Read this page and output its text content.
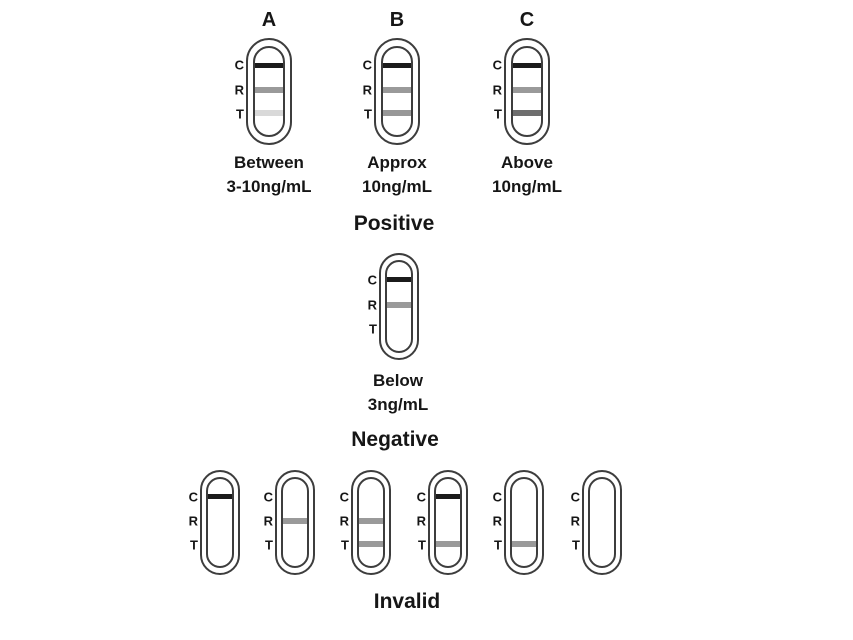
A
C
R
T
B
C
R
T
C
C
R
T
Between
3-10ng/mL
Approx
10ng/mL
Above
10ng/mL
Positive
C
R
T
Below
3ng/mL
Negative
C
R
T
C
R
T
C
R
T
C
R
T
C
R
T
C
R
T
Invalid
